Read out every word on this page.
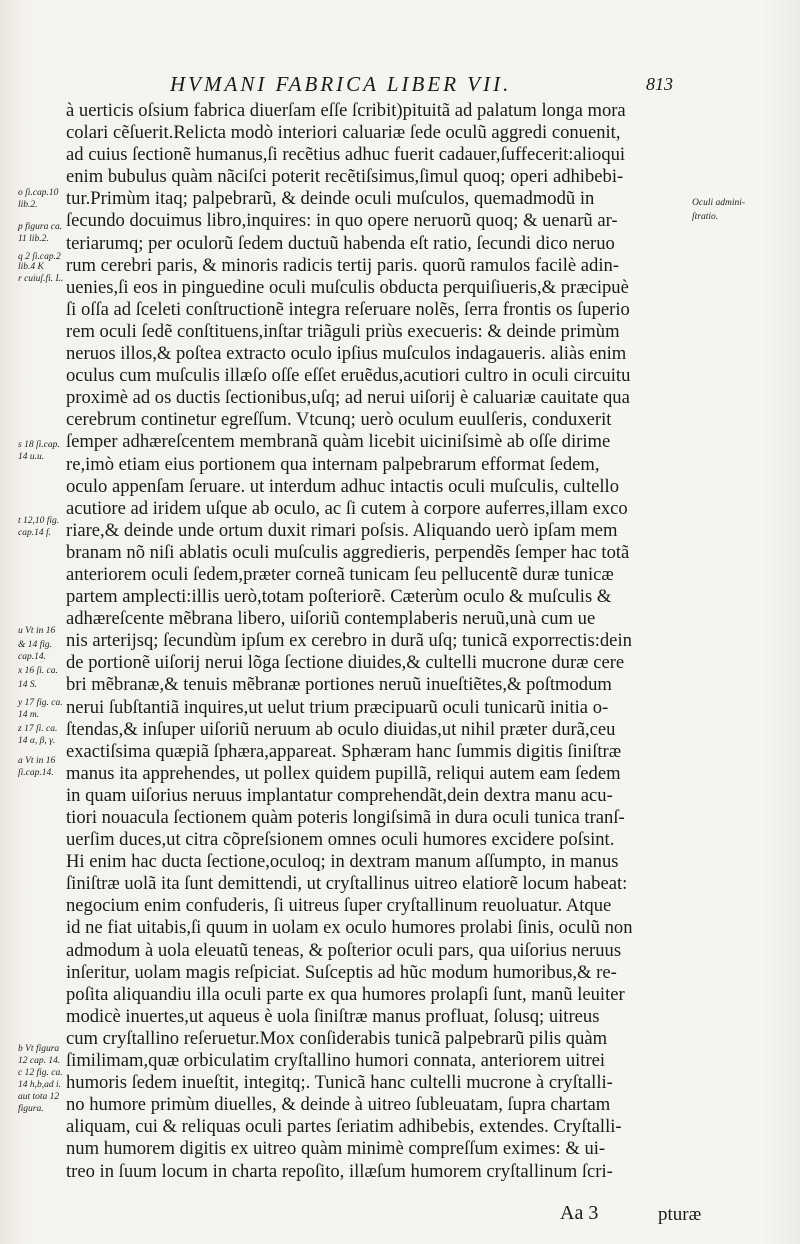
HVMANI FABRICA LIBER VII.	813
à uerticis oſsium fabrica diuerſam eſſe ſcribit)pituitã ad palatum longa mora
colari cẽſuerit.Relicta modò interiori caluariæ ſede oculũ aggredi conuenit,
ad cuius ſectionẽ humanus,ſi recẽtius adhuc fuerit cadauer,ſuffecerit:alioqui
enim bubulus quàm nãciſci poterit recẽtiſsimus,ſimul quoq; operi adhibebi-
tur.Primùm itaq; palpebrarũ, & deinde oculi muſculos, quemadmodũ in
ſecundo docuimus libro,inquires: in quo opere neruorũ quoq; & uenarũ ar-
teriarumq; per oculorũ ſedem ductuũ habenda eſt ratio, ſecundi dico neruo
rum cerebri paris, & minoris radicis tertij paris. quorũ ramulos facilè adin-
uenies,ſi eos in pinguedine oculi muſculis obducta perquiſiueris,& præcipuè
ſi oſſa ad ſceleti conſtructionẽ integra reſeruare nolẽs, ſerra frontis os ſuperio
rem oculi ſedẽ conſtituens,inſtar triãguli priùs execueris: & deinde primùm
neruos illos,& poſtea extracto oculo ipſius muſculos indagaueris. aliàs enim
oculus cum muſculis illæſo oſſe eſſet eruẽdus,acutiori cultro in oculi circuitu
proximè ad os ductis ſectionibus,uſq; ad nerui uiſorij è caluariæ cauitate qua
cerebrum continetur egreſſum. Vtcunq; uerò oculum euulſeris, conduxerit
ſemper adhæreſcentem membranã quàm licebit uiciniſsimè ab oſſe dirime
re,imò etiam eius portionem qua internam palpebrarum efformat ſedem,
oculo appenſam ſeruare. ut interdum adhuc intactis oculi muſculis, cultello
acutiore ad iridem uſque ab oculo, ac ſi cutem à corpore auferres,illam exco
riare,& deinde unde ortum duxit rimari poſsis. Aliquando uerò ipſam mem
branam nõ niſi ablatis oculi muſculis aggredieris, perpendẽs ſemper hac totã
anteriorem oculi ſedem,præter corneã tunicam ſeu pellucentẽ duræ tunicæ
partem amplecti:illis uerò,totam poſteriorẽ. Cæterùm oculo & muſculis &
adhæreſcente mẽbrana libero, uiſoriũ contemplaberis neruũ,unà cum ue
nis arterijsq; ſecundùm ipſum ex cerebro in durã uſq; tunicã exporrectis:dein
de portionẽ uiſorij nerui lõga ſectione diuides,& cultelli mucrone duræ cere
bri mẽbranæ,& tenuis mẽbranæ portiones neruũ inueſtiẽtes,& poſtmodum
nerui ſubſtantiã inquires,ut uelut trium præcipuarũ oculi tunicarũ initia o-
ſtendas,& inſuper uiſoriũ neruum ab oculo diuidas,ut nihil præter durã,ceu
exactiſsima quæpiã ſphæra,appareat. Sphæram hanc ſummis digitis ſiniſtræ
manus ita apprehendes, ut pollex quidem pupillã, reliqui autem eam ſedem
in quam uiſorius neruus implantatur comprehendãt,dein dextra manu acu-
tiori nouacula ſectionem quàm poteris longiſsimã in dura oculi tunica tranſ-
uerſim duces,ut citra cõpreſsionem omnes oculi humores excidere poſsint.
Hi enim hac ducta ſectione,oculoq; in dextram manum aſſumpto, in manus
ſiniſtræ uolã ita ſunt demittendi, ut cryſtallinus uitreo elatiorẽ locum habeat:
negocium enim confuderis, ſi uitreus ſuper cryſtallinum reuoluatur. Atque
id ne fiat uitabis,ſi quum in uolam ex oculo humores prolabi ſinis, oculũ non
admodum à uola eleuatũ teneas, & poſterior oculi pars, qua uiſorius neruus
inſeritur, uolam magis reſpiciat. Suſceptis ad hũc modum humoribus,& re-
poſita aliquandiu illa oculi parte ex qua humores prolapſi ſunt, manũ leuiter
modicè inuertes,ut aqueus è uola ſiniſtræ manus profluat, ſolusq; uitreus
cum cryſtallino reſeruetur.Mox conſiderabis tunicã palpebrarũ pilis quàm
ſimilimam,quæ orbiculatim cryſtallino humori connata, anteriorem uitrei
humoris ſedem inueſtit, integitq;. Tunicã hanc cultelli mucrone à cryſtalli-
no humore primùm diuelles, & deinde à uitreo ſubleuatam, ſupra chartam
aliquam, cui & reliquas oculi partes ſeriatim adhibebis, extendes. Cryſtalli-
num humorem digitis ex uitreo quàm minimè compreſſum eximes: & ui-
treo in ſuum locum in charta repoſito, illæſum humorem cryſtallinum ſcri-
o ſi.cap.10
lib.2.
p figura ca.
11 lib.2.
q 2 ſi.cap.2
lib.4 K
r cuiuſ.fi. L.
s 18 ſi.cap.
14 u.u.
t 12,10 fig.
cap.14 f.
u Vt in 16
& 14 fig.
cap.14.
x 16 ſi. ca.
14 S.
y 17 fig. ca.
14 m.
z 17 ſi. ca.
14 α, β, γ.
a Vt in 16
ſi.cap.14.
b Vt figura
12 cap. 14.
c 12 fig. ca.
14 h,b,ad i.
aut tota 12
figura.
Oculi admini-
ſtratio.
Aa 3	pturæ
